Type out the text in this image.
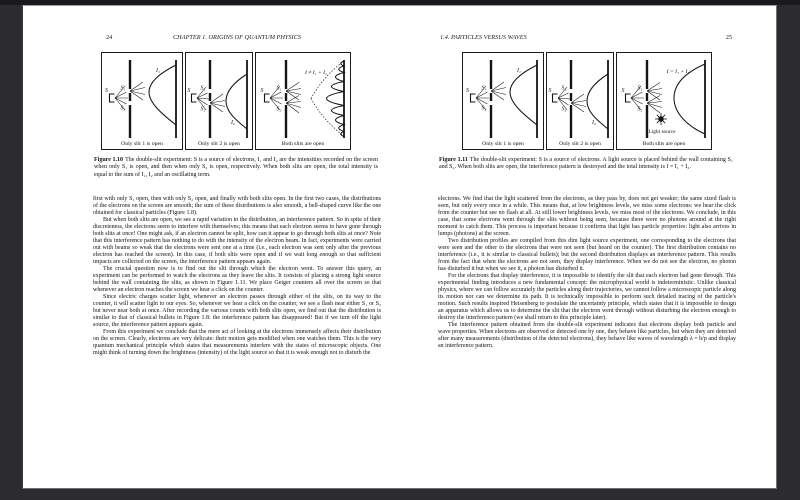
24	CHAPTER 1. ORIGINS OF QUANTUM PHYSICS
S S₁
S₂
I₁
Only slit 1 is open
S S₁
S₂
I₂
Only slit 2 is open
S S₁
S₂
I ≠ I₁ + I₂
Both slits are open
Figure 1.10 The double-slit experiment: S is a source of electrons, I₁ and I₂ are the intensities recorded on the screen when only S₁ is open, and then when only S₂ is open, respectively. When both slits are open, the total intensity is equal to the sum of I₁, I₂ and an oscillating term.

first with only S₁ open, then with only S₂ open, and finally with both slits open. In the first two cases, the distributions of the electrons on the screen are smooth; the sum of these distributions is also smooth, a bell-shaped curve like the one obtained for classical particles (Figure 1.8).

But when both slits are open, we see a rapid variation in the distribution, an interference pattern. So in spite of their discreteness, the electrons seem to interfere with themselves; this means that each electron seems to have gone through both slits at once! One might ask, if an electron cannot be split, how can it appear to go through both slits at once? Note that this interference pattern has nothing to do with the intensity of the electron beam. In fact, experiments were carried out with beams so weak that the electrons were sent one at a time (i.e., each electron was sent only after the previous electron has reached the screen). In this case, if both slits were open and if we wait long enough so that sufficient impacts are collected on the screen, the interference pattern appears again.

The crucial question now is to find out the slit through which the electron went. To answer this query, an experiment can be performed to watch the electrons as they leave the slits. It consists of placing a strong light source behind the wall containing the slits, as shown in Figure 1.11. We place Geiger counters all over the screen so that whenever an electron reaches the screen we hear a click on the counter.

Since electric charges scatter light, whenever an electron passes through either of the slits, on its way to the counter, it will scatter light to our eyes. So, whenever we hear a click on the counter, we see a flash near either S₁ or S₂ but never near both at once. After recording the various counts with both slits open, we find out that the distribution is similar to that of classical bullets in Figure 1.8: the interference pattern has disappeared! But if we turn off the light source, the interference pattern appears again.

From this experiment we conclude that the mere act of looking at the electrons immensely affects their distribution on the screen. Clearly, electrons are very delicate: their motion gets modified when one watches them. This is the very quantum mechanical principle which states that measurements interfere with the states of microscopic objects. One might think of turning down the brightness (intensity) of the light source so that it is weak enough not to disturb the

1.4. PARTICLES VERSUS WAVES	25
S S₁
S₂
I₁
Only slit 1 is open
S S₁
S₂
I₂
Only slit 2 is open
S S₁
S₂
I = I₁ + I₂
Light source
Both slits are open
Figure 1.11 The double-slit experiment: S is a source of electrons. A light source is placed behind the wall containing S₁ and S₂. When both slits are open, the interference pattern is destroyed and the total intensity is I = I₁ + I₂.

electrons. We find that the light scattered from the electrons, as they pass by, does not get weaker; the same sized flash is seen, but only every once in a while. This means that, at low brightness levels, we miss some electrons: we hear the click from the counter but see no flash at all. At still lower brightness levels, we miss most of the electrons. We conclude, in this case, that some electrons went through the slits without being seen, because there were no photons around at the right moment to catch them. This process is important because it confirms that light has particle properties: light also arrives in lumps (photons) at the screen.

Two distribution profiles are compiled from this dim light source experiment, one corresponding to the electrons that were seen and the other to the electrons that were not seen (but heard on the counter). The first distribution contains no interference (i.e., it is similar to classical bullets); but the second distribution displays an interference pattern. This results from the fact that when the electrons are not seen, they display interference. When we do not see the electron, no photon has disturbed it but when we see it, a photon has disturbed it.

For the electrons that display interference, it is impossible to identify the slit that each electron had gone through. This experimental finding introduces a new fundamental concept: the microphysical world is indeterministic. Unlike classical physics, where we can follow accurately the particles along their trajectories, we cannot follow a microscopic particle along its motion nor can we determine its path. It is technically impossible to perform such detailed tracing of the particle's motion. Such results inspired Heisenberg to postulate the uncertainty principle, which states that it is impossible to design an apparatus which allows us to determine the slit that the electron went through without disturbing the electron enough to destroy the interference pattern (we shall return to this principle later).

The interference pattern obtained from the double-slit experiment indicates that electrons display both particle and wave properties. When electrons are observed or detected one by one, they behave like particles, but when they are detected after many measurements (distribution of the detected electrons), they behave like waves of wavelength λ = h/p and display an interference pattern.
